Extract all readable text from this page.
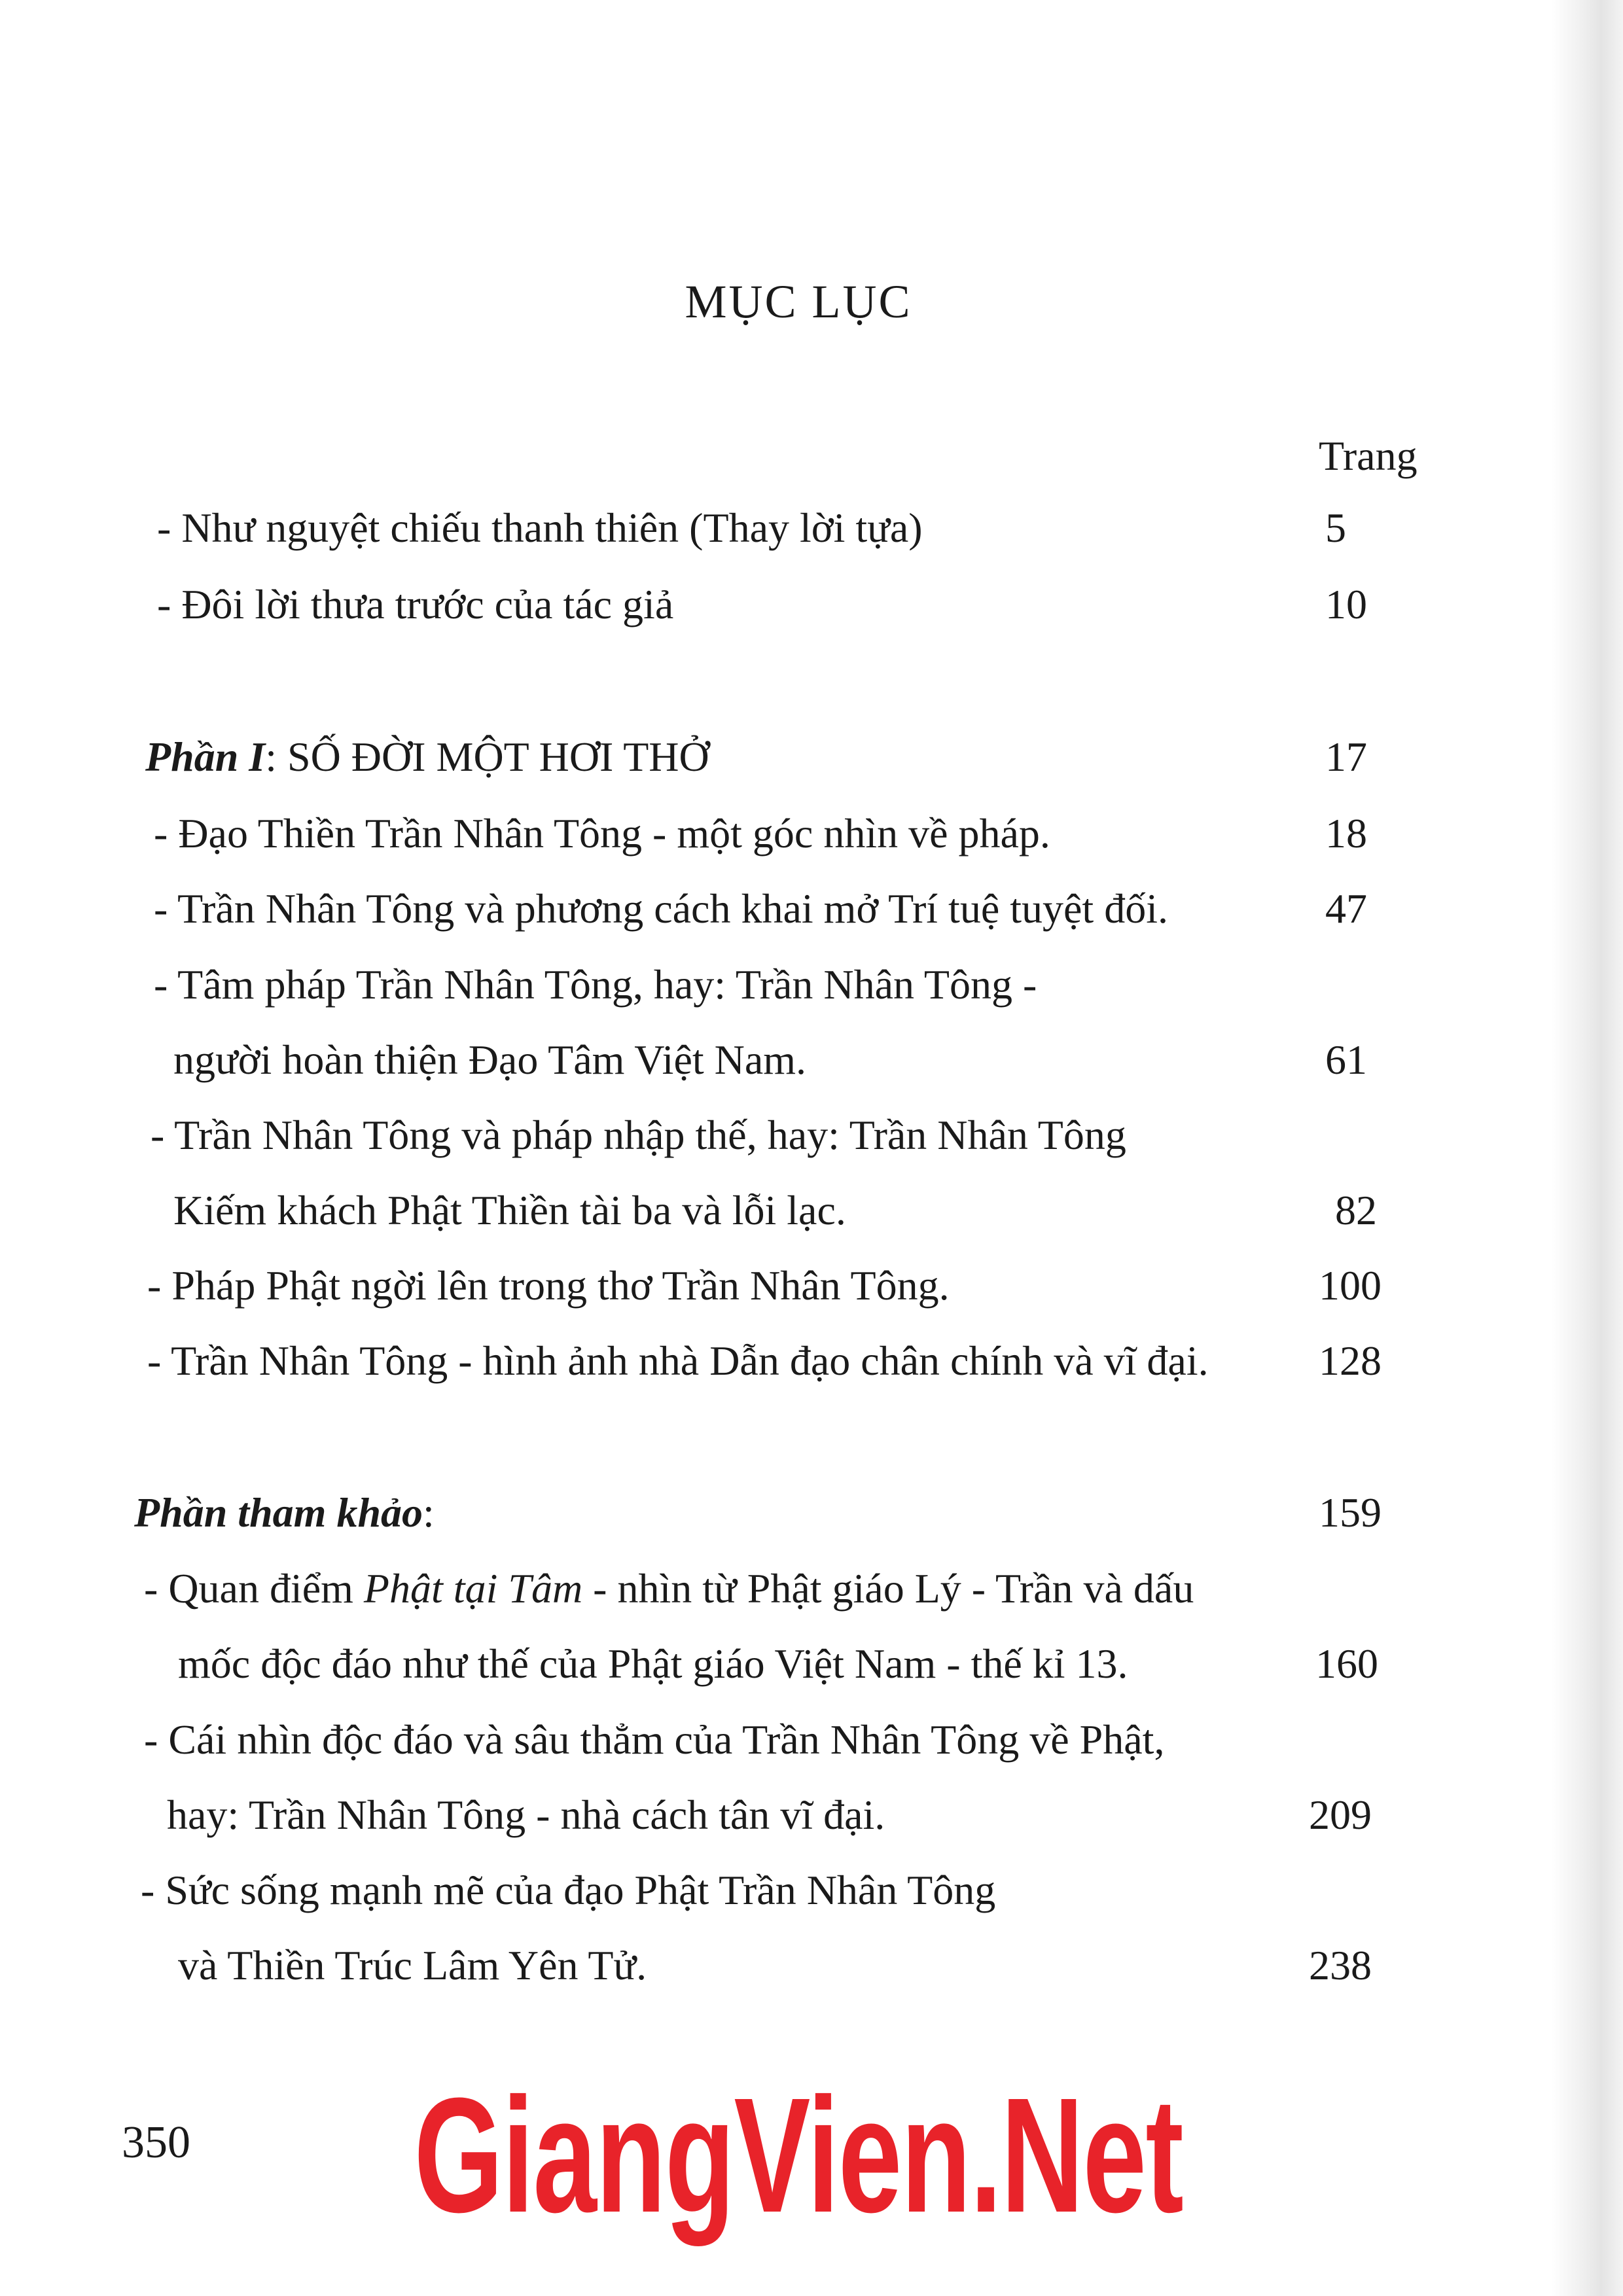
MỤC LỤC
Trang
- Như nguyệt chiếu thanh thiên (Thay lời tựa)	5
- Đôi lời thưa trước của tác giả	10
Phần I: SỐ ĐỜI MỘT HƠI THỞ	17
- Đạo Thiền Trần Nhân Tông - một góc nhìn về pháp.	18
- Trần Nhân Tông và phương cách khai mở Trí tuệ tuyệt đối.	47
- Tâm pháp Trần Nhân Tông, hay: Trần Nhân Tông -
người hoàn thiện Đạo Tâm Việt Nam.	61
- Trần Nhân Tông và pháp nhập thế, hay: Trần Nhân Tông
Kiếm khách Phật Thiền tài ba và lỗi lạc.	82
- Pháp Phật ngời lên trong thơ Trần Nhân Tông.	100
- Trần Nhân Tông - hình ảnh nhà Dẫn đạo chân chính và vĩ đại.	128
Phần tham khảo:	159
- Quan điểm Phật tại Tâm - nhìn từ Phật giáo Lý - Trần và dấu
mốc độc đáo như thế của Phật giáo Việt Nam - thế kỉ 13.	160
- Cái nhìn độc đáo và sâu thẳm của Trần Nhân Tông về Phật,
hay: Trần Nhân Tông - nhà cách tân vĩ đại.	209
- Sức sống mạnh mẽ của đạo Phật Trần Nhân Tông
và Thiền Trúc Lâm Yên Tử.	238
350	GiangVien.Net
